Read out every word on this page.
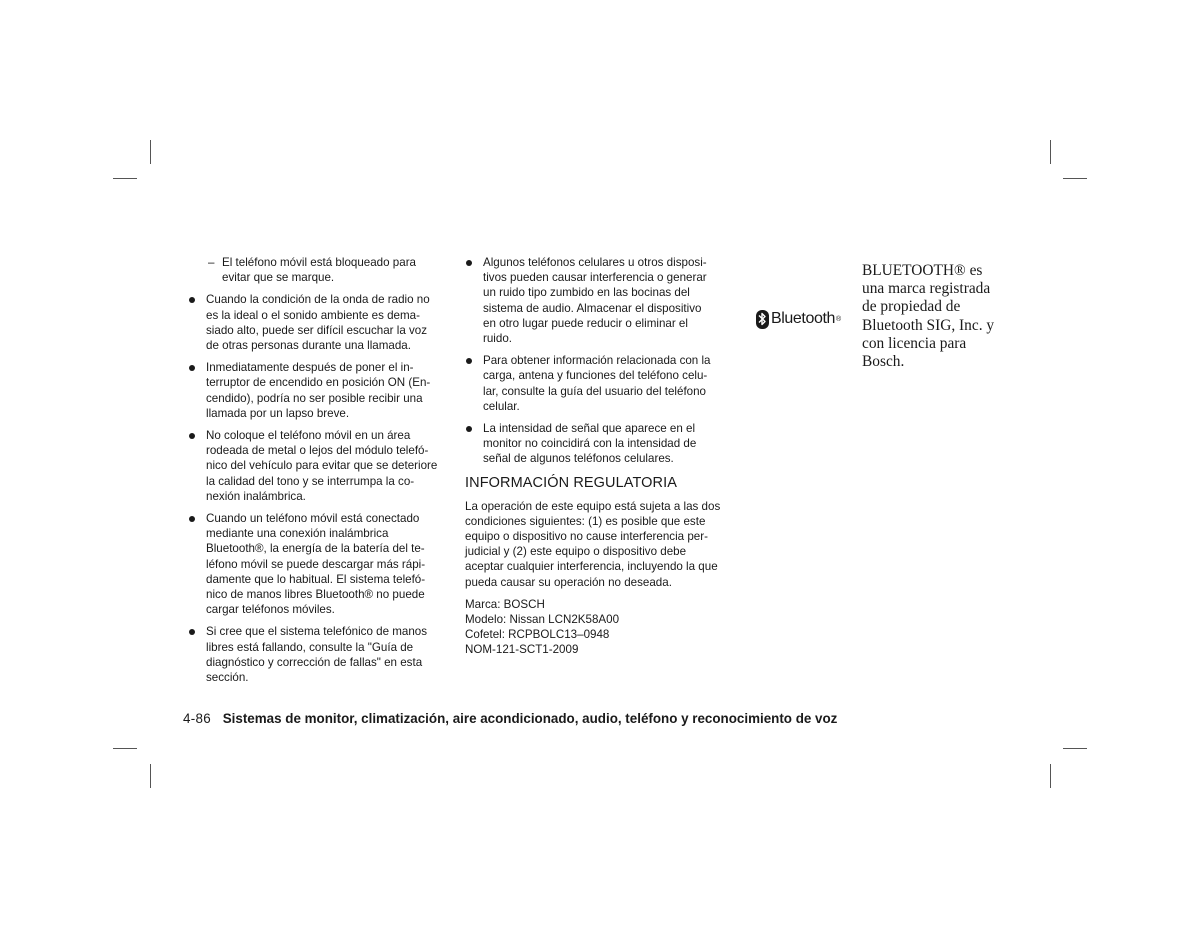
– El teléfono móvil está bloqueado para
evitar que se marque.
Cuando la condición de la onda de radio no
es la ideal o el sonido ambiente es dema-
siado alto, puede ser difícil escuchar la voz
de otras personas durante una llamada.
Inmediatamente después de poner el in-
terruptor de encendido en posición ON (En-
cendido), podría no ser posible recibir una
llamada por un lapso breve.
No coloque el teléfono móvil en un área
rodeada de metal o lejos del módulo telefó-
nico del vehículo para evitar que se deteriore
la calidad del tono y se interrumpa la co-
nexión inalámbrica.
Cuando un teléfono móvil está conectado
mediante una conexión inalámbrica
Bluetooth®, la energía de la batería del te-
léfono móvil se puede descargar más rápi-
damente que lo habitual. El sistema telefó-
nico de manos libres Bluetooth® no puede
cargar teléfonos móviles.
Si cree que el sistema telefónico de manos
libres está fallando, consulte la "Guía de
diagnóstico y corrección de fallas" en esta
sección.
Algunos teléfonos celulares u otros disposi-
tivos pueden causar interferencia o generar
un ruido tipo zumbido en las bocinas del
sistema de audio. Almacenar el dispositivo
en otro lugar puede reducir o eliminar el
ruido.
Para obtener información relacionada con la
carga, antena y funciones del teléfono celu-
lar, consulte la guía del usuario del teléfono
celular.
La intensidad de señal que aparece en el
monitor no coincidirá con la intensidad de
señal de algunos teléfonos celulares.
INFORMACIÓN REGULATORIA
La operación de este equipo está sujeta a las dos
condiciones siguientes: (1) es posible que este
equipo o dispositivo no cause interferencia per-
judicial y (2) este equipo o dispositivo debe
aceptar cualquier interferencia, incluyendo la que
pueda causar su operación no deseada.
Marca: BOSCH
Modelo: Nissan LCN2K58A00
Cofetel: RCPBOLC13–0948
NOM-121-SCT1-2009
Bluetooth ®
BLUETOOTH® es
una marca registrada
de propiedad de
Bluetooth SIG, Inc. y
con licencia para
Bosch.
4-86 Sistemas de monitor, climatización, aire acondicionado, audio, teléfono y reconocimiento de voz
